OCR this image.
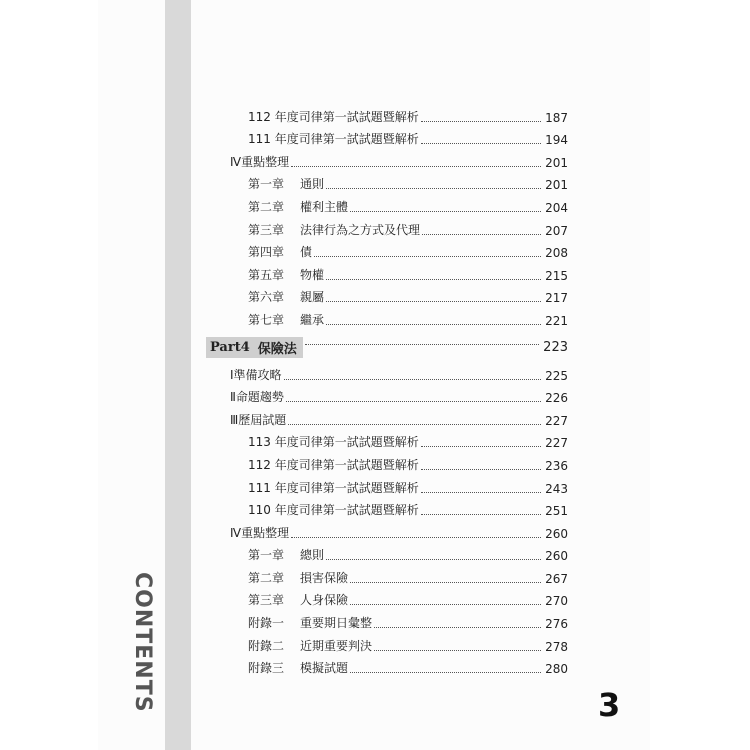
112 年度司律第一試試題暨解析	187
111 年度司律第一試試題暨解析	194
Ⅳ重點整理	201
第一章 通則	201
第二章 權利主體	204
第三章 法律行為之方式及代理	207
第四章 債	208
第五章 物權	215
第六章 親屬	217
第七章 繼承	221
Part4 保險法	223
Ⅰ準備攻略	225
Ⅱ命題趨勢	226
Ⅲ歷屆試題	227
113 年度司律第一試試題暨解析	227
112 年度司律第一試試題暨解析	236
111 年度司律第一試試題暨解析	243
110 年度司律第一試試題暨解析	251
Ⅳ重點整理	260
第一章 總則	260
第二章 損害保險	267
第三章 人身保險	270
附錄一 重要期日彙整	276
附錄二 近期重要判決	278
附錄三 模擬試題	280
CONTENTS	3
